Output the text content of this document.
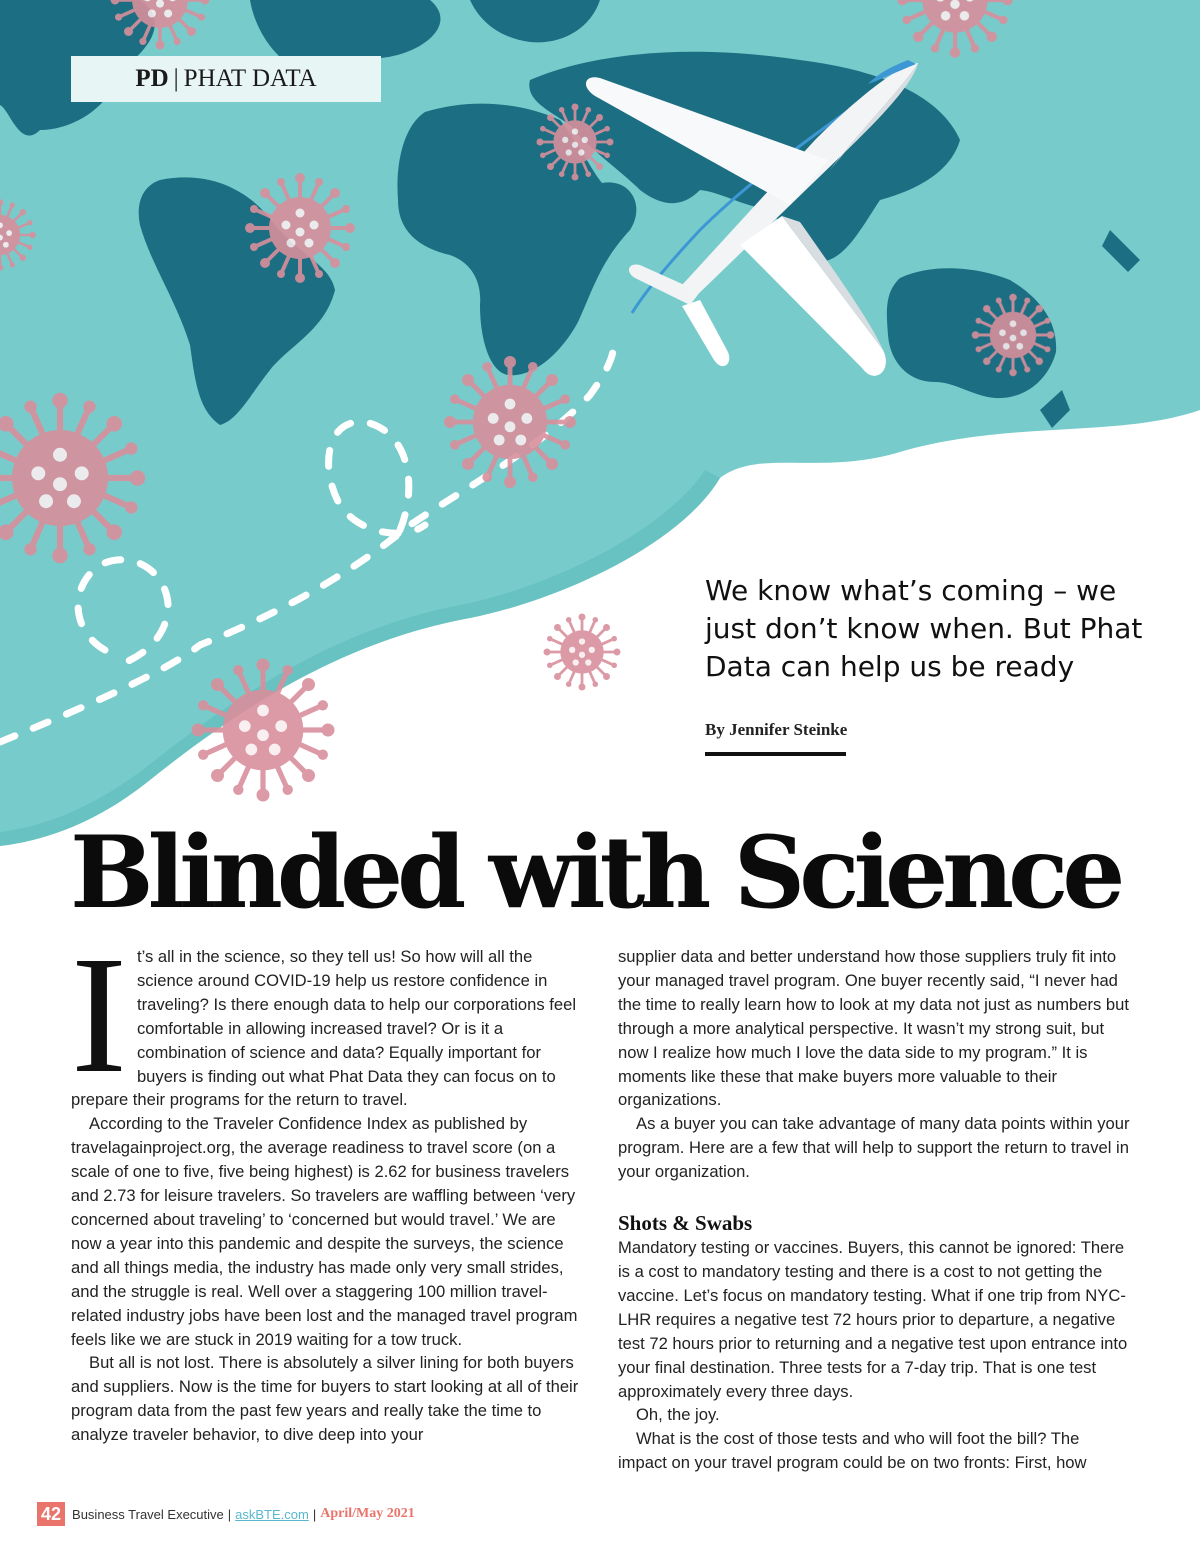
PD | PHAT DATA
We know what’s coming – we just don’t know when. But Phat Data can help us be ready
By Jennifer Steinke
Blinded with Science

It’s all in the science, so they tell us! So how will all the science around COVID-19 help us restore confidence in traveling? Is there enough data to help our corporations feel comfortable in allowing increased travel? Or is it a combination of science and data? Equally important for buyers is finding out what Phat Data they can focus on to prepare their programs for the return to travel.

According to the Traveler Confidence Index as published by travelagainproject.org, the average readiness to travel score (on a scale of one to five, five being highest) is 2.62 for business travelers and 2.73 for leisure travelers. So travelers are waffling between ‘very concerned about traveling’ to ‘concerned but would travel.’ We are now a year into this pandemic and despite the surveys, the science and all things media, the industry has made only very small strides, and the struggle is real. Well over a staggering 100 million travel-related industry jobs have been lost and the managed travel program feels like we are stuck in 2019 waiting for a tow truck.

But all is not lost. There is absolutely a silver lining for both buyers and suppliers. Now is the time for buyers to start looking at all of their program data from the past few years and really take the time to analyze traveler behavior, to dive deep into your

supplier data and better understand how those suppliers truly fit into your managed travel program. One buyer recently said, “I never had the time to really learn how to look at my data not just as numbers but through a more analytical perspective. It wasn’t my strong suit, but now I realize how much I love the data side to my program.” It is moments like these that make buyers more valuable to their organizations.

As a buyer you can take advantage of many data points within your program. Here are a few that will help to support the return to travel in your organization.

Shots & Swabs

Mandatory testing or vaccines. Buyers, this cannot be ignored: There is a cost to mandatory testing and there is a cost to not getting the vaccine. Let’s focus on mandatory testing. What if one trip from NYC-LHR requires a negative test 72 hours prior to departure, a negative test 72 hours prior to returning and a negative test upon entrance into your final destination. Three tests for a 7-day trip. That is one test approximately every three days.

Oh, the joy.

What is the cost of those tests and who will foot the bill? The impact on your travel program could be on two fronts: First, how

42 Business Travel Executive | askBTE.com | April/May 2021
